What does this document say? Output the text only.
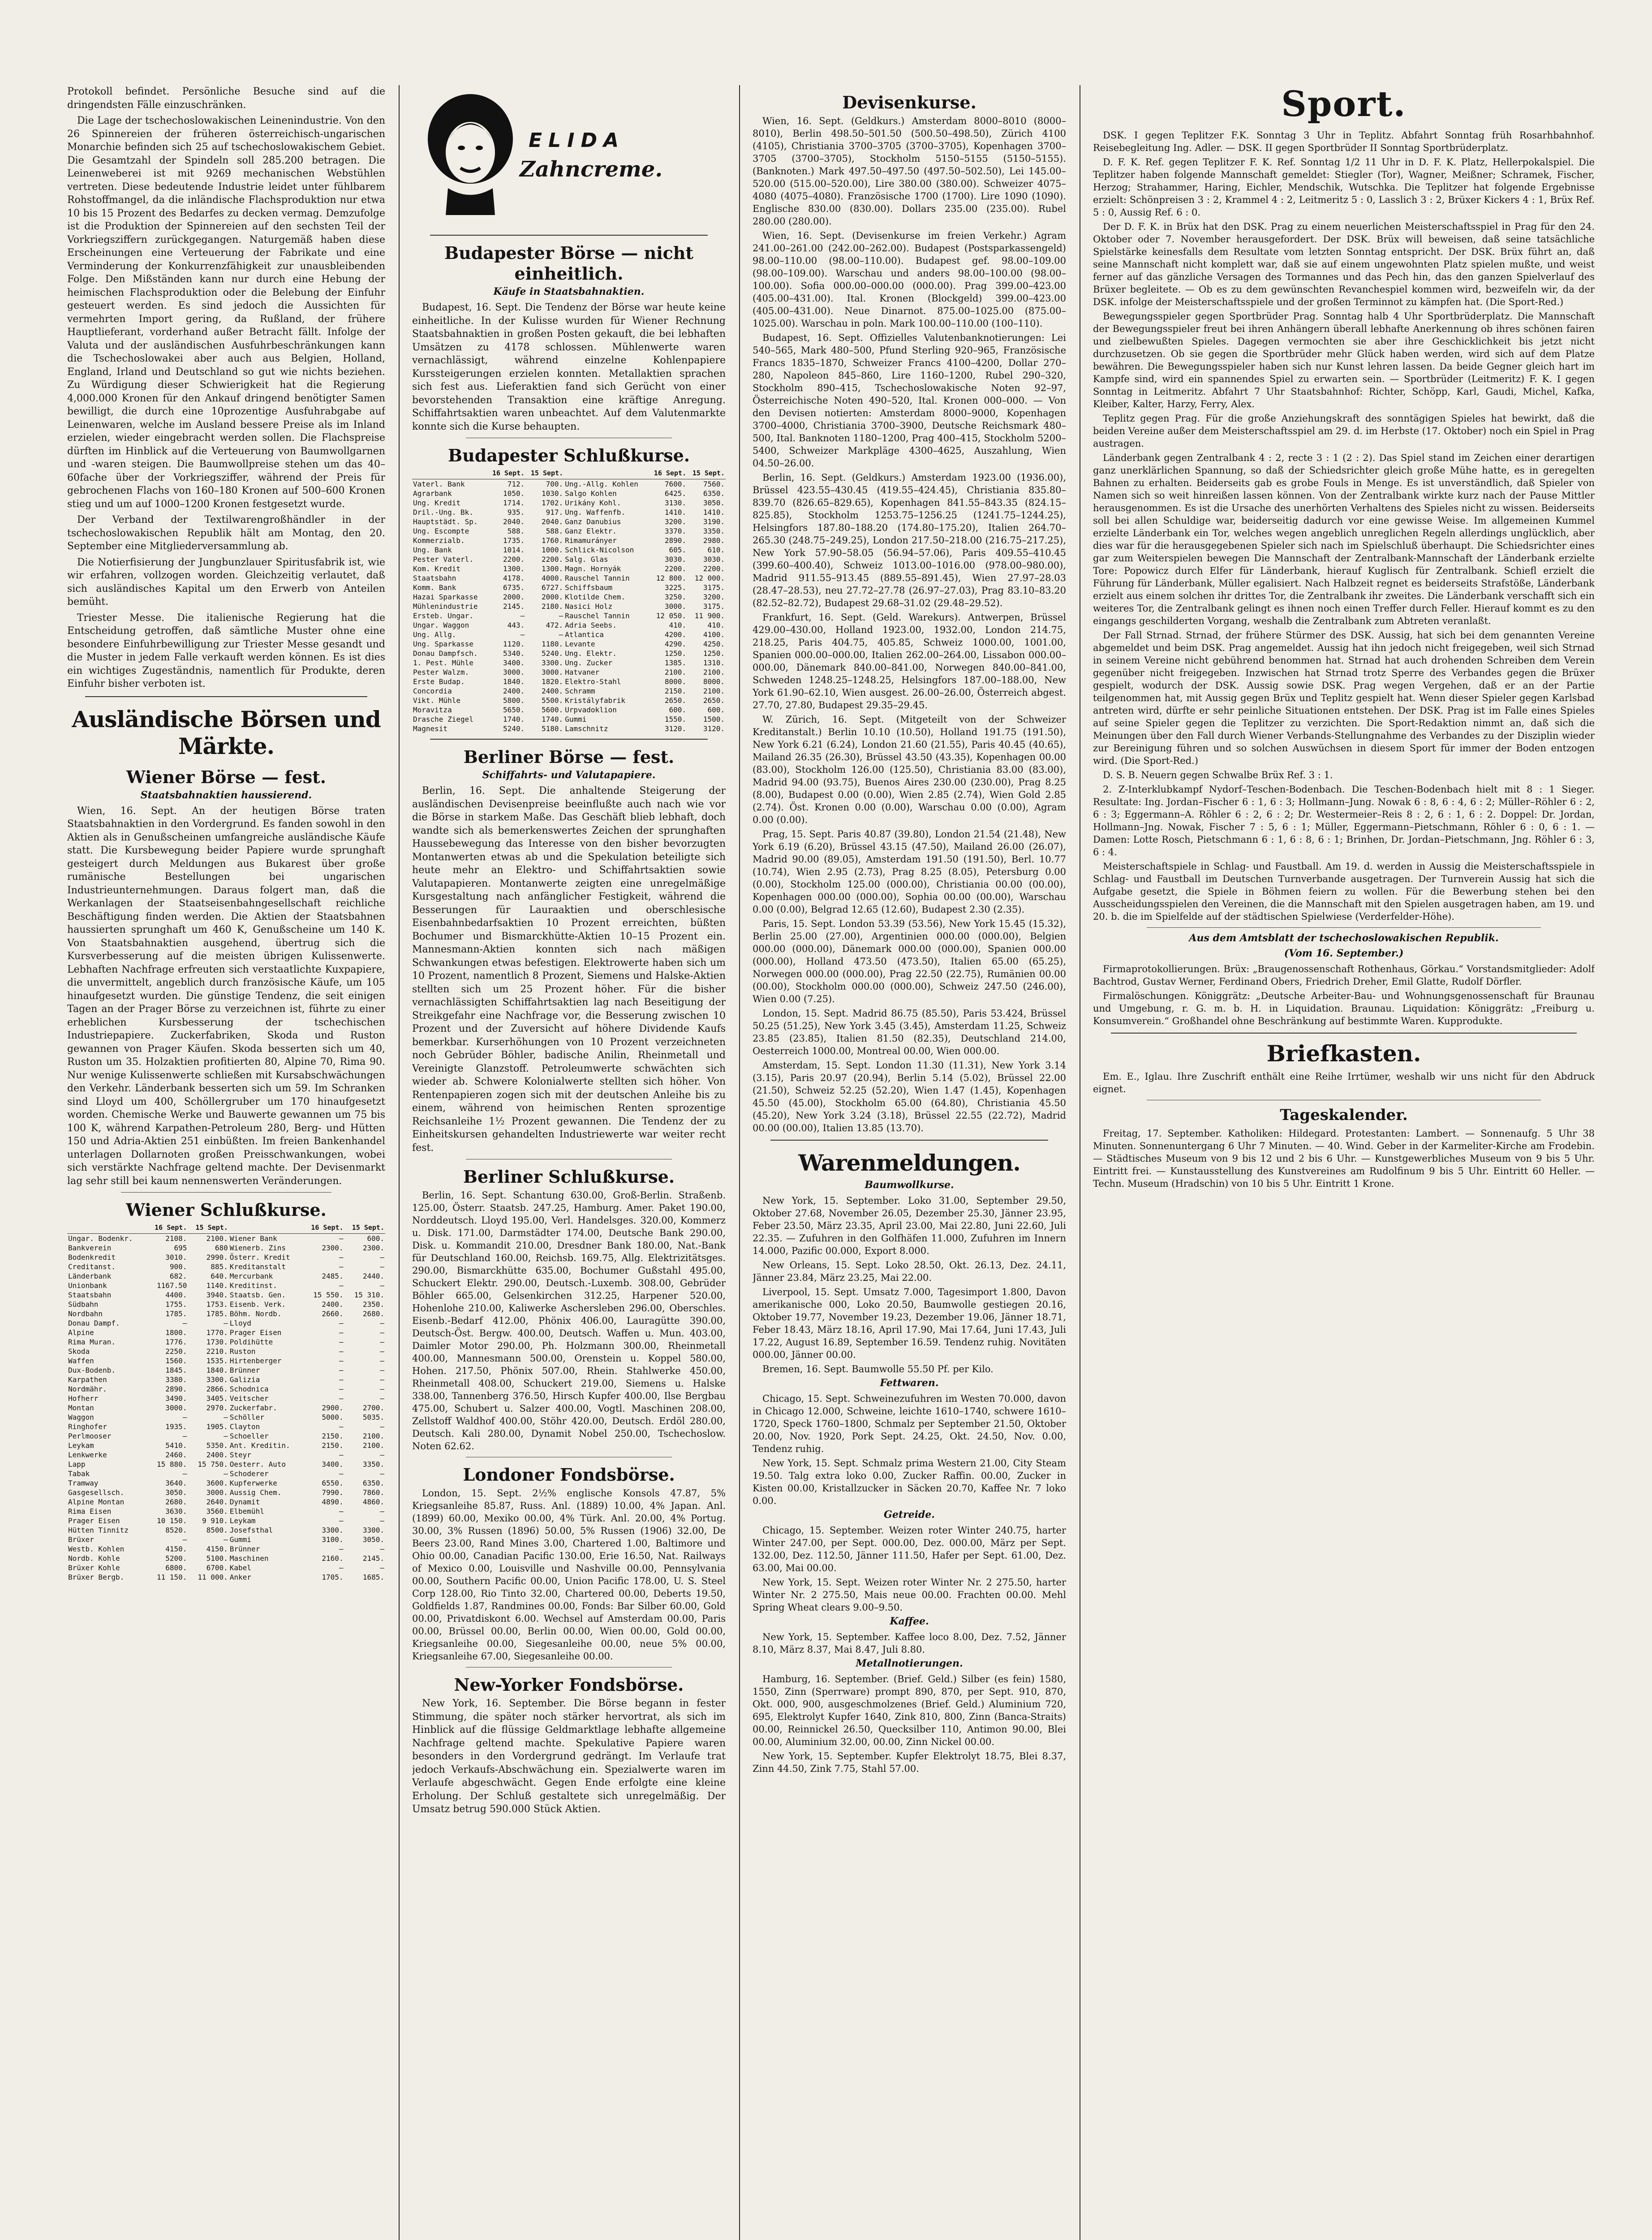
Protokoll befindet. Persönliche Besuche sind auf die dringendsten Fälle einzuschränken.

Die Lage der tschechoslowakischen Leinenindustrie. Von den 26 Spinnereien der früheren österreichisch-ungarischen Monarchie befinden sich 25 auf tschechoslowakischem Gebiet. Die Gesamtzahl der Spindeln soll 285.200 betragen. Die Leinenweberei ist mit 9269 mechanischen Webstühlen vertreten. Diese bedeutende Industrie leidet unter fühlbarem Rohstoffmangel, da die inländische Flachsproduktion nur etwa 10 bis 15 Prozent des Bedarfes zu decken vermag. Demzufolge ist die Produktion der Spinnereien auf den sechsten Teil der Vorkriegsziffern zurückgegangen. Naturgemäß haben diese Erscheinungen eine Verteuerung der Fabrikate und eine Verminderung der Konkurrenzfähigkeit zur unausbleibenden Folge. Den Mißständen kann nur durch eine Hebung der heimischen Flachsproduktion oder die Belebung der Einfuhr gesteuert werden. Es sind jedoch die Aussichten für vermehrten Import gering, da Rußland, der frühere Hauptlieferant, vorderhand außer Betracht fällt. Infolge der Valuta und der ausländischen Ausfuhrbeschränkungen kann die Tschechoslowakei aber auch aus Belgien, Holland, England, Irland und Deutschland so gut wie nichts beziehen. Zu Würdigung dieser Schwierigkeit hat die Regierung 4,000.000 Kronen für den Ankauf dringend benötigter Samen bewilligt, die durch eine 10prozentige Ausfuhrabgabe auf Leinenwaren, welche im Ausland bessere Preise als im Inland erzielen, wieder eingebracht werden sollen. Die Flachspreise dürften im Hinblick auf die Verteuerung von Baumwollgarnen und -waren steigen. Die Baumwollpreise stehen um das 40–60fache über der Vorkriegsziffer, während der Preis für gebrochenen Flachs von 160–180 Kronen auf 500–600 Kronen stieg und um auf 1000–1200 Kronen festgesetzt wurde.

Der Verband der Textilwarengroßhändler in der tschechoslowakischen Republik hält am Montag, den 20. September eine Mitgliederversammlung ab.

Die Notierfisierung der Jungbunzlauer Spiritusfabrik ist, wie wir erfahren, vollzogen worden. Gleichzeitig verlautet, daß sich ausländisches Kapital um den Erwerb von Anteilen bemüht.

Triester Messe. Die italienische Regierung hat die Entscheidung getroffen, daß sämtliche Muster ohne eine besondere Einfuhrbewilligung zur Triester Messe gesandt und die Muster in jedem Falle verkauft werden können. Es ist dies ein wichtiges Zugeständnis, namentlich für Produkte, deren Einfuhr bisher verboten ist.

Ausländische Börsen und Märkte.
Wiener Börse — fest.
Staatsbahnaktien haussierend.

Wien, 16. Sept. An der heutigen Börse traten Staatsbahnaktien in den Vordergrund. Es fanden sowohl in den Aktien als in Genußscheinen umfangreiche ausländische Käufe statt. Die Kursbewegung beider Papiere wurde sprunghaft gesteigert durch Meldungen aus Bukarest über große rumänische Bestellungen bei ungarischen Industrieunternehmungen. Daraus folgert man, daß die Werkanlagen der Staatseisenbahngesellschaft reichliche Beschäftigung finden werden. Die Aktien der Staatsbahnen haussierten sprunghaft um 460 K, Genußscheine um 140 K. Von Staatsbahnaktien ausgehend, übertrug sich die Kursverbesserung auf die meisten übrigen Kulissenwerte. Lebhaften Nachfrage erfreuten sich verstaatlichte Kuxpapiere, die unvermittelt, angeblich durch französische Käufe, um 105 hinaufgesetzt wurden. Die günstige Tendenz, die seit einigen Tagen an der Prager Börse zu verzeichnen ist, führte zu einer erheblichen Kursbesserung der tschechischen Industriepapiere. Zuckerfabriken, Skoda und Ruston gewannen von Prager Käufen. Skoda besserten sich um 40, Ruston um 35. Holzaktien profitierten 80, Alpine 70, Rima 90. Nur wenige Kulissenwerte schließen mit Kursabschwächungen den Verkehr. Länderbank besserten sich um 59. Im Schranken sind Lloyd um 400, Schöllergruber um 170 hinaufgesetzt worden. Chemische Werke und Bauwerte gewannen um 75 bis 100 K, während Karpathen-Petroleum 280, Berg- und Hütten 150 und Adria-Aktien 251 einbüßten. Im freien Bankenhandel unterlagen Dollarnoten großen Preisschwankungen, wobei sich verstärkte Nachfrage geltend machte. Der Devisenmarkt lag sehr still bei kaum nennenswerten Veränderungen.

Wiener Schlußkurse.
	16 Sept.	15 Sept.		16 Sept.	15 Sept.
Ungar. Bodenkr.	2108.	2100.	Wiener Bank	—	600.
Bankverein	695	680	Wienerb. Zins	2300.	2300.
Bodenkredit	3010.	2990.	Österr. Kredit	—	—
Creditanst.	900.	885.	Kreditanstalt	—	—
Länderbank	682.	640.	Mercurbank	2485.	2440.
Unionbank	1167.50	1140.	Kreditinst.	—	—
Staatsbahn	4400.	3940.	Staatsb. Gen.	15 550.	15 310.
Südbahn	1755.	1753.	Eisenb. Verk.	2400.	2350.
Nordbahn	1785.	1785.	Böhm. Nordb.	2660.	2680.
Donau Dampf.	—	—	Lloyd	—	—
Alpine	1800.	1770.	Prager Eisen	—	—
Rima Muran.	1776.	1730.	Poldihütte	—	—
Skoda	2250.	2210.	Ruston	—	—
Waffen	1560.	1535.	Hirtenberger	—	—
Dux-Bodenb.	1845.	1840.	Brünner	—	—
Karpathen	3380.	3300.	Galizia	—	—
Nordmähr.	2890.	2866.	Schodnica	—	—
Hofherr	3490.	3405.	Veitscher	—	—
Montan	3000.	2970.	Zuckerfabr.	2900.	2700.
Waggon	—	—	Schöller	5000.	5035.
Ringhofer	1935.	1905.	Clayton	—	—
Perlmooser	—	—	Schoeller	2150.	2100.
Leykam	5410.	5350.	Ant. Kreditin.	2150.	2100.
Lenkwerke	2460.	2400.	Steyr	—	—
Lapp	15 880.	15 750.	Oesterr. Auto	3400.	3350.
Tabak	—	—	Schoderer	—	—
Tramway	3640.	3600.	Kupferwerke	6550.	6350.
Gasgesellsch.	3050.	3000.	Aussig Chem.	7990.	7860.
Alpine Montan	2680.	2640.	Dynamit	4890.	4860.
Rima Eisen	3630.	3560.	Elbemühl	—	—
Prager Eisen	10 150.	9 910.	Leykam	—	—
Hütten Tinnitz	8520.	8500.	Josefsthal	3300.	3300.
Brüxer	—	—	Gummi	3100.	3050.
Westb. Kohlen	4150.	4150.	Brünner	—	—
Nordb. Kohle	5200.	5100.	Maschinen	2160.	2145.
Brüxer Kohle	6800.	6700.	Kabel	—	—
Brüxer Bergb.	11 150.	11 000.	Anker	1705.	1685.
ELIDA
Zahncreme.
Budapester Börse — nicht einheitlich.
Käufe in Staatsbahnaktien.

Budapest, 16. Sept. Die Tendenz der Börse war heute keine einheitliche. In der Kulisse wurden für Wiener Rechnung Staatsbahnaktien in großen Posten gekauft, die bei lebhaften Umsätzen zu 4178 schlossen. Mühlenwerte waren vernachlässigt, während einzelne Kohlenpapiere Kurssteigerungen erzielen konnten. Metallaktien sprachen sich fest aus. Lieferaktien fand sich Gerücht von einer bevorstehenden Transaktion eine kräftige Anregung. Schiffahrtsaktien waren unbeachtet. Auf dem Valutenmarkte konnte sich die Kurse behaupten.

Budapester Schlußkurse.
	16 Sept.	15 Sept.		16 Sept.	15 Sept.
Vaterl. Bank	712.	700.	Ung.-Allg. Kohlen	7600.	7560.
Agrarbank	1050.	1030.	Salgo Kohlen	6425.	6350.
Ung. Kredit	1714.	1702.	Urikány Kohl.	3130.	3050.
Dril.-Ung. Bk.	935.	917.	Ung. Waffenfb.	1410.	1410.
Hauptstädt. Sp.	2040.	2040.	Ganz Danubius	3200.	3190.
Ung. Escompte	588.	588.	Ganz Elektr.	3370.	3350.
Kommerzialb.	1735.	1760.	Rimamurányer	2890.	2980.
Ung. Bank	1014.	1000.	Schlick-Nicolson	605.	610.
Pester Vaterl.	2200.	2200.	Salg. Glas	3030.	3030.
Kom. Kredit	1300.	1300.	Magn. Hornyák	2200.	2200.
Staatsbahn	4178.	4000.	Rauschel Tannin	12 800.	12 000.
Komm. Bank	6735.	6727.	Schiffsbaum	3225.	3175.
Hazai Sparkasse	2000.	2000.	Klotilde Chem.	3250.	3200.
Mühlenindustrie	2145.	2180.	Nasici Holz	3000.	3175.
Ersteb. Ungar.	—	—	Rauschel Tannin	12 050.	11 900.
Ungar. Waggon	443.	472.	Adria Seebs.	410.	410.
Ung. Allg.	—	—	Atlantica	4200.	4100.
Ung. Sparkasse	1120.	1180.	Levante	4290.	4250.
Donau Dampfsch.	5340.	5240.	Ung. Elektr.	1250.	1250.
1. Pest. Mühle	3400.	3300.	Ung. Zucker	1385.	1310.
Pester Walzm.	3000.	3000.	Hatvaner	2100.	2100.
Erste Budap.	1840.	1820.	Elektro-Stahl	8000.	8000.
Concordia	2400.	2400.	Schramm	2150.	2100.
Vikt. Mühle	5800.	5500.	Kristályfabrik	2650.	2650.
Moravitza	5650.	5600.	Urpvadoklion	600.	600.
Drasche Ziegel	1740.	1740.	Gummi	1550.	1500.
Magnesit	5240.	5180.	Lamschnitz	3120.	3120.
Berliner Börse — fest.
Schiffahrts- und Valutapapiere.

Berlin, 16. Sept. Die anhaltende Steigerung der ausländischen Devisenpreise beeinflußte auch nach wie vor die Börse in starkem Maße. Das Geschäft blieb lebhaft, doch wandte sich als bemerkenswertes Zeichen der sprunghaften Haussebewegung das Interesse von den bisher bevorzugten Montanwerten etwas ab und die Spekulation beteiligte sich heute mehr an Elektro- und Schiffahrtsaktien sowie Valutapapieren. Montanwerte zeigten eine unregelmäßige Kursgestaltung nach anfänglicher Festigkeit, während die Besserungen für Lauraaktien und oberschlesische Eisenbahnbedarfsaktien 10 Prozent erreichten, büßten Bochumer und Bismarckhütte-Aktien 10–15 Prozent ein. Mannesmann-Aktien konnten sich nach mäßigen Schwankungen etwas befestigen. Elektrowerte haben sich um 10 Prozent, namentlich 8 Prozent, Siemens und Halske-Aktien stellten sich um 25 Prozent höher. Für die bisher vernachlässigten Schiffahrtsaktien lag nach Beseitigung der Streikgefahr eine Nachfrage vor, die Besserung zwischen 10 Prozent und der Zuversicht auf höhere Dividende Kaufs bemerkbar. Kurserhöhungen von 10 Prozent verzeichneten noch Gebrüder Böhler, badische Anilin, Rheinmetall und Vereinigte Glanzstoff. Petroleumwerte schwächten sich wieder ab. Schwere Kolonialwerte stellten sich höher. Von Rentenpapieren zogen sich mit der deutschen Anleihe bis zu einem, während von heimischen Renten sprozentige Reichsanleihe 1½ Prozent gewannen. Die Tendenz der zu Einheitskursen gehandelten Industriewerte war weiter recht fest.

Berliner Schlußkurse.

Berlin, 16. Sept. Schantung 630.00, Groß-Berlin. Straßenb. 125.00, Österr. Staatsb. 247.25, Hamburg. Amer. Paket 190.00, Norddeutsch. Lloyd 195.00, Verl. Handelsges. 320.00, Kommerz u. Disk. 171.00, Darmstädter 174.00, Deutsche Bank 290.00, Disk. u. Kommandit 210.00, Dresdner Bank 180.00, Nat.-Bank für Deutschland 160.00, Reichsb. 169.75, Allg. Elektrizitätsges. 290.00, Bismarckhütte 635.00, Bochumer Gußstahl 495.00, Schuckert Elektr. 290.00, Deutsch.-Luxemb. 308.00, Gebrüder Böhler 665.00, Gelsenkirchen 312.25, Harpener 520.00, Hohenlohe 210.00, Kaliwerke Aschersleben 296.00, Oberschles. Eisenb.-Bedarf 412.00, Phönix 406.00, Lauragütte 390.00, Deutsch-Öst. Bergw. 400.00, Deutsch. Waffen u. Mun. 403.00, Daimler Motor 290.00, Ph. Holzmann 300.00, Rheinmetall 400.00, Mannesmann 500.00, Orenstein u. Koppel 580.00, Hohen. 217.50, Phönix 507.00, Rhein. Stahlwerke 450.00, Rheinmetall 408.00, Schuckert 219.00, Siemens u. Halske 338.00, Tannenberg 376.50, Hirsch Kupfer 400.00, Ilse Bergbau 475.00, Schubert u. Salzer 400.00, Vogtl. Maschinen 208.00, Zellstoff Waldhof 400.00, Stöhr 420.00, Deutsch. Erdöl 280.00, Deutsch. Kali 280.00, Dynamit Nobel 250.00, Tschechoslow. Noten 62.62.

Londoner Fondsbörse.

London, 15. Sept. 2½% englische Konsols 47.87, 5% Kriegsanleihe 85.87, Russ. Anl. (1889) 10.00, 4% Japan. Anl. (1899) 60.00, Mexiko 00.00, 4% Türk. Anl. 20.00, 4% Portug. 30.00, 3% Russen (1896) 50.00, 5% Russen (1906) 32.00, De Beers 23.00, Rand Mines 3.00, Chartered 1.00, Baltimore und Ohio 00.00, Canadian Pacific 130.00, Erie 16.50, Nat. Railways of Mexico 0.00, Louisville und Nashville 00.00, Pennsylvania 00.00, Southern Pacific 00.00, Union Pacific 178.00, U. S. Steel Corp 128.00, Rio Tinto 32.00, Chartered 00.00, Deberts 19.50, Goldfields 1.87, Randmines 00.00, Fonds: Bar Silber 60.00, Gold 00.00, Privatdiskont 6.00. Wechsel auf Amsterdam 00.00, Paris 00.00, Brüssel 00.00, Berlin 00.00, Wien 00.00, Gold 00.00, Kriegsanleihe 00.00, Siegesanleihe 00.00, neue 5% 00.00, Kriegsanleihe 67.00, Siegesanleihe 00.00.

New-Yorker Fondsbörse.

New York, 16. September. Die Börse begann in fester Stimmung, die später noch stärker hervortrat, als sich im Hinblick auf die flüssige Geldmarktlage lebhafte allgemeine Nachfrage geltend machte. Spekulative Papiere waren besonders in den Vordergrund gedrängt. Im Verlaufe trat jedoch Verkaufs-Abschwächung ein. Spezialwerte waren im Verlaufe abgeschwächt. Gegen Ende erfolgte eine kleine Erholung. Der Schluß gestaltete sich unregelmäßig. Der Umsatz betrug 590.000 Stück Aktien.

Devisenkurse.

Wien, 16. Sept. (Geldkurs.) Amsterdam 8000–8010 (8000–8010), Berlin 498.50–501.50 (500.50–498.50), Zürich 4100 (4105), Christiania 3700–3705 (3700–3705), Kopenhagen 3700–3705 (3700–3705), Stockholm 5150–5155 (5150–5155). (Banknoten.) Mark 497.50–497.50 (497.50–502.50), Lei 145.00–520.00 (515.00–520.00), Lire 380.00 (380.00). Schweizer 4075–4080 (4075–4080). Französische 1700 (1700). Lire 1090 (1090). Englische 830.00 (830.00). Dollars 235.00 (235.00). Rubel 280.00 (280.00).

Wien, 16. Sept. (Devisenkurse im freien Verkehr.) Agram 241.00–261.00 (242.00–262.00). Budapest (Postsparkassengeld) 98.00–110.00 (98.00–110.00). Budapest gef. 98.00–109.00 (98.00–109.00). Warschau und anders 98.00–100.00 (98.00–100.00). Sofia 000.00–000.00 (000.00). Prag 399.00–423.00 (405.00–431.00). Ital. Kronen (Blockgeld) 399.00–423.00 (405.00–431.00). Neue Dinarnot. 875.00–1025.00 (875.00–1025.00). Warschau in poln. Mark 100.00–110.00 (100–110).

Budapest, 16. Sept. Offizielles Valutenbanknotierungen: Lei 540–565, Mark 480–500, Pfund Sterling 920–965, Französische Francs 1835–1870, Schweizer Francs 4100–4200, Dollar 270–280, Napoleon 845–860, Lire 1160–1200, Rubel 290–320, Stockholm 890–415, Tschechoslowakische Noten 92–97, Österreichische Noten 490–520, Ital. Kronen 000–000. — Von den Devisen notierten: Amsterdam 8000–9000, Kopenhagen 3700–4000, Christiania 3700–3900, Deutsche Reichsmark 480–500, Ital. Banknoten 1180–1200, Prag 400–415, Stockholm 5200–5400, Schweizer Markpläge 4300–4625, Auszahlung, Wien 04.50–26.00.

Berlin, 16. Sept. (Geldkurs.) Amsterdam 1923.00 (1936.00), Brüssel 423.55–430.45 (419.55–424.45), Christiania 835.80–839.70 (826.65–829.65), Kopenhagen 841.55–843.35 (824.15–825.85), Stockholm 1253.75–1256.25 (1241.75–1244.25), Helsingfors 187.80–188.20 (174.80–175.20), Italien 264.70–265.30 (248.75–249.25), London 217.50–218.00 (216.75–217.25), New York 57.90–58.05 (56.94–57.06), Paris 409.55–410.45 (399.60–400.40), Schweiz 1013.00–1016.00 (978.00–980.00), Madrid 911.55–913.45 (889.55–891.45), Wien 27.97–28.03 (28.47–28.53), neu 27.72–27.78 (26.97–27.03), Prag 83.10–83.20 (82.52–82.72), Budapest 29.68–31.02 (29.48–29.52).

Frankfurt, 16. Sept. (Geld. Warekurs). Antwerpen, Brüssel 429.00–430.00, Holland 1923.00, 1932.00, London 214.75, 218.25, Paris 404.75, 405.85, Schweiz 1000.00, 1001.00, Spanien 000.00–000.00, Italien 262.00–264.00, Lissabon 000.00–000.00, Dänemark 840.00–841.00, Norwegen 840.00–841.00, Schweden 1248.25–1248.25, Helsingfors 187.00–188.00, New York 61.90–62.10, Wien ausgest. 26.00–26.00, Österreich abgest. 27.70, 27.80, Budapest 29.35–29.45.

W. Zürich, 16. Sept. (Mitgeteilt von der Schweizer Kreditanstalt.) Berlin 10.10 (10.50), Holland 191.75 (191.50), New York 6.21 (6.24), London 21.60 (21.55), Paris 40.45 (40.65), Mailand 26.35 (26.30), Brüssel 43.50 (43.35), Kopenhagen 00.00 (83.00), Stockholm 126.00 (125.50), Christiania 83.00 (83.00), Madrid 94.00 (93.75), Buenos Aires 230.00 (230.00), Prag 8.25 (8.00), Budapest 0.00 (0.00), Wien 2.85 (2.74), Wien Gold 2.85 (2.74). Öst. Kronen 0.00 (0.00), Warschau 0.00 (0.00), Agram 0.00 (0.00).

Prag, 15. Sept. Paris 40.87 (39.80), London 21.54 (21.48), New York 6.19 (6.20), Brüssel 43.15 (47.50), Mailand 26.00 (26.07), Madrid 90.00 (89.05), Amsterdam 191.50 (191.50), Berl. 10.77 (10.74), Wien 2.95 (2.73), Prag 8.25 (8.05), Petersburg 0.00 (0.00), Stockholm 125.00 (000.00), Christiania 00.00 (00.00), Kopenhagen 000.00 (000.00), Sophia 00.00 (00.00), Warschau 0.00 (0.00), Belgrad 12.65 (12.60), Budapest 2.30 (2.35).

Paris, 15. Sept. London 53.39 (53.56), New York 15.45 (15.32), Berlin 25.00 (27.00), Argentinien 000.00 (000.00), Belgien 000.00 (000.00), Dänemark 000.00 (000.00), Spanien 000.00 (000.00), Holland 473.50 (473.50), Italien 65.00 (65.25), Norwegen 000.00 (000.00), Prag 22.50 (22.75), Rumänien 00.00 (00.00), Stockholm 000.00 (000.00), Schweiz 247.50 (246.00), Wien 0.00 (7.25).

London, 15. Sept. Madrid 86.75 (85.50), Paris 53.424, Brüssel 50.25 (51.25), New York 3.45 (3.45), Amsterdam 11.25, Schweiz 23.85 (23.85), Italien 81.50 (82.35), Deutschland 214.00, Oesterreich 1000.00, Montreal 00.00, Wien 000.00.

Amsterdam, 15. Sept. London 11.30 (11.31), New York 3.14 (3.15), Paris 20.97 (20.94), Berlin 5.14 (5.02), Brüssel 22.00 (21.50), Schweiz 52.25 (52.20), Wien 1.47 (1.45), Kopenhagen 45.50 (45.00), Stockholm 65.00 (64.80), Christiania 45.50 (45.20), New York 3.24 (3.18), Brüssel 22.55 (22.72), Madrid 00.00 (00.00), Italien 13.85 (13.70).

Warenmeldungen.
Baumwollkurse.

New York, 15. September. Loko 31.00, September 29.50, Oktober 27.68, November 26.05, Dezember 25.30, Jänner 23.95, Feber 23.50, März 23.35, April 23.00, Mai 22.80, Juni 22.60, Juli 22.35. — Zufuhren in den Golfhäfen 11.000, Zufuhren im Innern 14.000, Pazific 00.000, Export 8.000.

New Orleans, 15. Sept. Loko 28.50, Okt. 26.13, Dez. 24.11, Jänner 23.84, März 23.25, Mai 22.00.

Liverpool, 15. Sept. Umsatz 7.000, Tagesimport 1.800, Davon amerikanische 000, Loko 20.50, Baumwolle gestiegen 20.16, Oktober 19.77, November 19.23, Dezember 19.06, Jänner 18.71, Feber 18.43, März 18.16, April 17.90, Mai 17.64, Juni 17.43, Juli 17.22, August 16.89, September 16.59. Tendenz ruhig. Novitäten 000.00, Jänner 00.00.

Bremen, 16. Sept. Baumwolle 55.50 Pf. per Kilo.

Fettwaren.

Chicago, 15. Sept. Schweinezufuhren im Westen 70.000, davon in Chicago 12.000, Schweine, leichte 1610–1740, schwere 1610–1720, Speck 1760–1800, Schmalz per September 21.50, Oktober 20.00, Nov. 1920, Pork Sept. 24.25, Okt. 24.50, Nov. 0.00, Tendenz ruhig.

New York, 15. Sept. Schmalz prima Western 21.00, City Steam 19.50. Talg extra loko 0.00, Zucker Raffin. 00.00, Zucker in Kisten 00.00, Kristallzucker in Säcken 20.70, Kaffee Nr. 7 loko 0.00.

Getreide.

Chicago, 15. September. Weizen roter Winter 240.75, harter Winter 247.00, per Sept. 000.00, Dez. 000.00, März per Sept. 132.00, Dez. 112.50, Jänner 111.50, Hafer per Sept. 61.00, Dez. 63.00, Mai 00.00.

New York, 15. Sept. Weizen roter Winter Nr. 2 275.50, harter Winter Nr. 2 275.50, Mais neue 00.00. Frachten 00.00. Mehl Spring Wheat clears 9.00–9.50.

Kaffee.

New York, 15. September. Kaffee loco 8.00, Dez. 7.52, Jänner 8.10, März 8.37, Mai 8.47, Juli 8.80.

Metallnotierungen.

Hamburg, 16. September. (Brief. Geld.) Silber (es fein) 1580, 1550, Zinn (Sperrware) prompt 890, 870, per Sept. 910, 870, Okt. 000, 900, ausgeschmolzenes (Brief. Geld.) Aluminium 720, 695, Elektrolyt Kupfer 1640, Zink 810, 800, Zinn (Banca-Straits) 00.00, Reinnickel 26.50, Quecksilber 110, Antimon 90.00, Blei 00.00, Aluminium 32.00, 00.00, Zinn Nickel 00.00.

New York, 15. September. Kupfer Elektrolyt 18.75, Blei 8.37, Zinn 44.50, Zink 7.75, Stahl 57.00.

Sport.

DSK. I gegen Teplitzer F.K. Sonntag 3 Uhr in Teplitz. Abfahrt Sonntag früh Rosarhbahnhof. Reisebegleitung Ing. Adler. — DSK. II gegen Sportbrüder II Sonntag Sportbrüderplatz.

D. F. K. Ref. gegen Teplitzer F. K. Ref. Sonntag 1/2 11 Uhr in D. F. K. Platz, Hellerpokalspiel. Die Teplitzer haben folgende Mannschaft gemeldet: Stiegler (Tor), Wagner, Meißner; Schramek, Fischer, Herzog; Strahammer, Haring, Eichler, Mendschik, Wutschka. Die Teplitzer hat folgende Ergebnisse erzielt: Schönpreisen 3 : 2, Krammel 4 : 2, Leitmeritz 5 : 0, Lasslich 3 : 2, Brüxer Kickers 4 : 1, Brüx Ref. 5 : 0, Aussig Ref. 6 : 0.

Der D. F. K. in Brüx hat den DSK. Prag zu einem neuerlichen Meisterschaftsspiel in Prag für den 24. Oktober oder 7. November herausgefordert. Der DSK. Brüx will beweisen, daß seine tatsächliche Spielstärke keinesfalls dem Resultate vom letzten Sonntag entspricht. Der DSK. Brüx führt an, daß seine Mannschaft nicht komplett war, daß sie auf einem ungewohnten Platz spielen mußte, und weist ferner auf das gänzliche Versagen des Tormannes und das Pech hin, das den ganzen Spielverlauf des Brüxer begleitete. — Ob es zu dem gewünschten Revanchespiel kommen wird, bezweifeln wir, da der DSK. infolge der Meisterschaftsspiele und der großen Terminnot zu kämpfen hat. (Die Sport-Red.)

Bewegungsspieler gegen Sportbrüder Prag. Sonntag halb 4 Uhr Sportbrüderplatz. Die Mannschaft der Bewegungsspieler freut bei ihren Anhängern überall lebhafte Anerkennung ob ihres schönen fairen und zielbewußten Spieles. Dagegen vermochten sie aber ihre Geschicklichkeit bis jetzt nicht durchzusetzen. Ob sie gegen die Sportbrüder mehr Glück haben werden, wird sich auf dem Platze bewähren. Die Bewegungsspieler haben sich nur Kunst lehren lassen. Da beide Gegner gleich hart im Kampfe sind, wird ein spannendes Spiel zu erwarten sein. — Sportbrüder (Leitmeritz) F. K. I gegen Sonntag in Leitmeritz. Abfahrt 7 Uhr Staatsbahnhof: Richter, Schöpp, Karl, Gaudi, Michel, Kafka, Kleiber, Kalter, Harzy, Ferry, Alex.

Teplitz gegen Prag. Für die große Anziehungskraft des sonntägigen Spieles hat bewirkt, daß die beiden Vereine außer dem Meisterschaftsspiel am 29. d. im Herbste (17. Oktober) noch ein Spiel in Prag austragen.

Länderbank gegen Zentralbank 4 : 2, recte 3 : 1 (2 : 2). Das Spiel stand im Zeichen einer derartigen ganz unerklärlichen Spannung, so daß der Schiedsrichter gleich große Mühe hatte, es in geregelten Bahnen zu erhalten. Beiderseits gab es grobe Fouls in Menge. Es ist unverständlich, daß Spieler von Namen sich so weit hinreißen lassen können. Von der Zentralbank wirkte kurz nach der Pause Mittler herausgenommen. Es ist die Ursache des unerhörten Verhaltens des Spieles nicht zu wissen. Beiderseits soll bei allen Schuldige war, beiderseitig dadurch vor eine gewisse Weise. Im allgemeinen Kummel erzielte Länderbank ein Tor, welches wegen angeblich unreglichen Regeln allerdings unglücklich, aber dies war für die herausgegebenen Spieler sich nach im Spielschluß überhaupt. Die Schiedsrichter eines gar zum Weiterspielen bewegen Die Mannschaft der Zentralbank-Mannschaft der Länderbank erzielte Tore: Popowicz durch Elfer für Länderbank, hierauf Kuglisch für Zentralbank. Schiefl erzielt die Führung für Länderbank, Müller egalisiert. Nach Halbzeit regnet es beiderseits Strafstöße, Länderbank erzielt aus einem solchen ihr drittes Tor, die Zentralbank ihr zweites. Die Länderbank verschafft sich ein weiteres Tor, die Zentralbank gelingt es ihnen noch einen Treffer durch Feller. Hierauf kommt es zu den eingangs geschilderten Vorgang, weshalb die Zentralbank zum Abtreten veranlaßt.

Der Fall Strnad. Strnad, der frühere Stürmer des DSK. Aussig, hat sich bei dem genannten Vereine abgemeldet und beim DSK. Prag angemeldet. Aussig hat ihn jedoch nicht freigegeben, weil sich Strnad in seinem Vereine nicht gebührend benommen hat. Strnad hat auch drohenden Schreiben dem Verein gegenüber nicht freigegeben. Inzwischen hat Strnad trotz Sperre des Verbandes gegen die Brüxer gespielt, wodurch der DSK. Aussig sowie DSK. Prag wegen Vergehen, daß er an der Partie teilgenommen hat, mit Aussig gegen Brüx und Teplitz gespielt hat. Wenn dieser Spieler gegen Karlsbad antreten wird, dürfte er sehr peinliche Situationen entstehen. Der DSK. Prag ist im Falle eines Spieles auf seine Spieler gegen die Teplitzer zu verzichten. Die Sport-Redaktion nimmt an, daß sich die Meinungen über den Fall durch Wiener Verbands-Stellungnahme des Verbandes zu der Disziplin wieder zur Bereinigung führen und so solchen Auswüchsen in diesem Sport für immer der Boden entzogen wird. (Die Sport-Red.)

D. S. B. Neuern gegen Schwalbe Brüx Ref. 3 : 1.

2. Z-Interklubkampf Nydorf–Teschen-Bodenbach. Die Teschen-Bodenbach hielt mit 8 : 1 Sieger. Resultate: Ing. Jordan–Fischer 6 : 1, 6 : 3; Hollmann–Jung. Nowak 6 : 8, 6 : 4, 6 : 2; Müller–Röhler 6 : 2, 6 : 3; Eggermann–A. Röhler 6 : 2, 6 : 2; Dr. Westermeier–Reis 8 : 2, 6 : 1, 6 : 2. Doppel: Dr. Jordan, Hollmann–Jng. Nowak, Fischer 7 : 5, 6 : 1; Müller, Eggermann–Pietschmann, Röhler 6 : 0, 6 : 1. — Damen: Lotte Rosch, Pietschmann 6 : 1, 6 : 8, 6 : 1; Brinhen, Dr. Jordan–Pietschmann, Jng. Röhler 6 : 3, 6 : 4.

Meisterschaftspiele in Schlag- und Faustball. Am 19. d. werden in Aussig die Meisterschaftsspiele in Schlag- und Faustball im Deutschen Turnverbande ausgetragen. Der Turnverein Aussig hat sich die Aufgabe gesetzt, die Spiele in Böhmen feiern zu wollen. Für die Bewerbung stehen bei den Ausscheidungsspielen den Vereinen, die die Mannschaft mit den Spielen ausgetragen haben, am 19. und 20. b. die im Spielfelde auf der städtischen Spielwiese (Verderfelder-Höhe).

Aus dem Amtsblatt der tschechoslowakischen Republik.
(Vom 16. September.)

Firmaprotokollierungen. Brüx: „Braugenossenschaft Rothenhaus, Görkau.“ Vorstandsmitglieder: Adolf Bachtrod, Gustav Werner, Ferdinand Obers, Friedrich Dreher, Emil Glatte, Rudolf Dörfler.

Firmalöschungen. Königgrätz: „Deutsche Arbeiter-Bau- und Wohnungsgenossenschaft für Braunau und Umgebung, r. G. m. b. H. in Liquidation. Braunau. Liquidation: Königgrätz: „Freiburg u. Konsumverein.“ Großhandel ohne Beschränkung auf bestimmte Waren. Kupprodukte.

Briefkasten.

Em. E., Iglau. Ihre Zuschrift enthält eine Reihe Irrtümer, weshalb wir uns nicht für den Abdruck eignet.

Tageskalender.

Freitag, 17. September. Katholiken: Hildegard. Protestanten: Lambert. — Sonnenaufg. 5 Uhr 38 Minuten. Sonnenuntergang 6 Uhr 7 Minuten. — 40. Wind. Geber in der Karmeliter-Kirche am Frodebin. — Städtisches Museum von 9 bis 12 und 2 bis 6 Uhr. — Kunstgewerbliches Museum von 9 bis 5 Uhr. Eintritt frei. — Kunstausstellung des Kunstvereines am Rudolfinum 9 bis 5 Uhr. Eintritt 60 Heller. — Techn. Museum (Hradschin) von 10 bis 5 Uhr. Eintritt 1 Krone.
